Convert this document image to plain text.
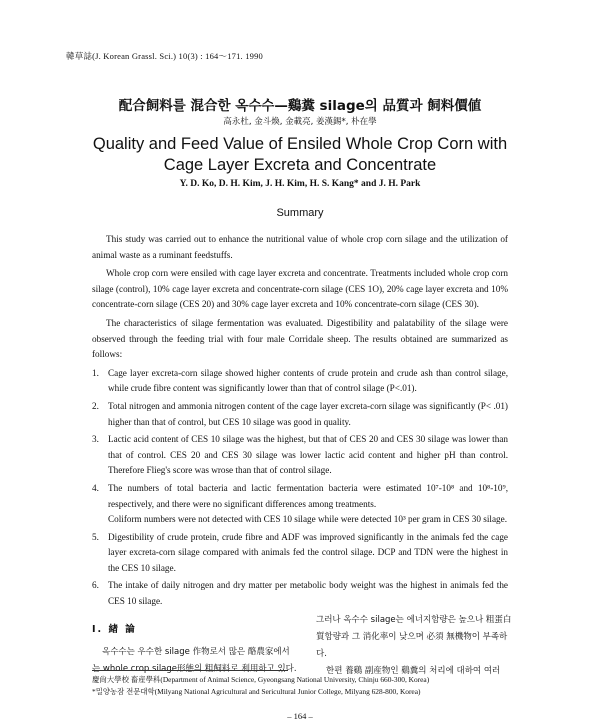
韓草誌(J. Korean Grassl. Sci.) 10(3) : 164～171. 1990
配合飼料를 混合한 옥수수—鷄糞 silage의 品質과 飼料價値
高永杜, 金斗煥, 金載亮, 姜漢錫*, 朴在學
Quality and Feed Value of Ensiled Whole Crop Corn with
Cage Layer Excreta and Concentrate
Y. D. Ko, D. H. Kim, J. H. Kim, H. S. Kang* and J. H. Park
Summary

This study was carried out to enhance the nutritional value of whole crop corn silage and the utilization of animal waste as a ruminant feedstuffs.

Whole crop corn were ensiled with cage layer excreta and concentrate. Treatments included whole crop corn silage (control), 10% cage layer excreta and concentrate-corn silage (CES 1O), 20% cage layer excreta and 10% concentrate-corn silage (CES 20) and 30% cage layer excreta and 10% concentrate-corn silage (CES 30).

The characteristics of silage fermentation was evaluated. Digestibility and palatability of the silage were observed through the feeding trial with four male Corridale sheep. The results obtained are summarized as follows:

1. Cage layer excreta-corn silage showed higher contents of crude protein and crude ash than control silage, while crude fibre content was significantly lower than that of control silage (P<.01).
2. Total nitrogen and ammonia nitrogen content of the cage layer excreta-corn silage was significantly (P< .01) higher than that of control, but CES 10 silage was good in quality.
3. Lactic acid content of CES 10 silage was the highest, but that of CES 20 and CES 30 silage was lower than that of control. CES 20 and CES 30 silage was lower lactic acid content and higher pH than control. Therefore Flieg's score was wrose than that of control silage.
4. The numbers of total bacteria and lactic fermentation bacteria were estimated 10⁷-10⁸ and 10⁸-10⁹, respectively, and there were no significant differences among treatments.
Coliform numbers were not detected with CES 10 silage while were detected 10³ per gram in CES 30 silage.
5. Digestibility of crude protein, crude fibre and ADF was improved significantly in the animals fed the cage layer excreta-corn silage compared with animals fed the control silage. DCP and TDN were the highest in the CES 10 silage.
6. The intake of daily nitrogen and dry matter per metabolic body weight was the highest in animals fed the CES 10 silage.
Ⅰ. 緖 論
옥수수는 우수한 silage 作物로서 많은 酪農家에서
는 whole crop silage形態의 粗飼料로 利用하고 있다.
그러나 옥수수 silage는 에너지함량은 높으나 粗蛋白
質함량과 그 消化率이 낮으며 必須 無機物이 부족하
다.
한편 養鷄 副産物인 鷄糞의 처리에 대하여 여러
慶尙大學校 畜産學科(Department of Animal Science, Gyeongsang National University, Chinju 660-300, Korea)
*밀양농잠 전문대학(Milyang National Agricultural and Sericultural Junior College, Milyang 628-800, Korea)
– 164 –
